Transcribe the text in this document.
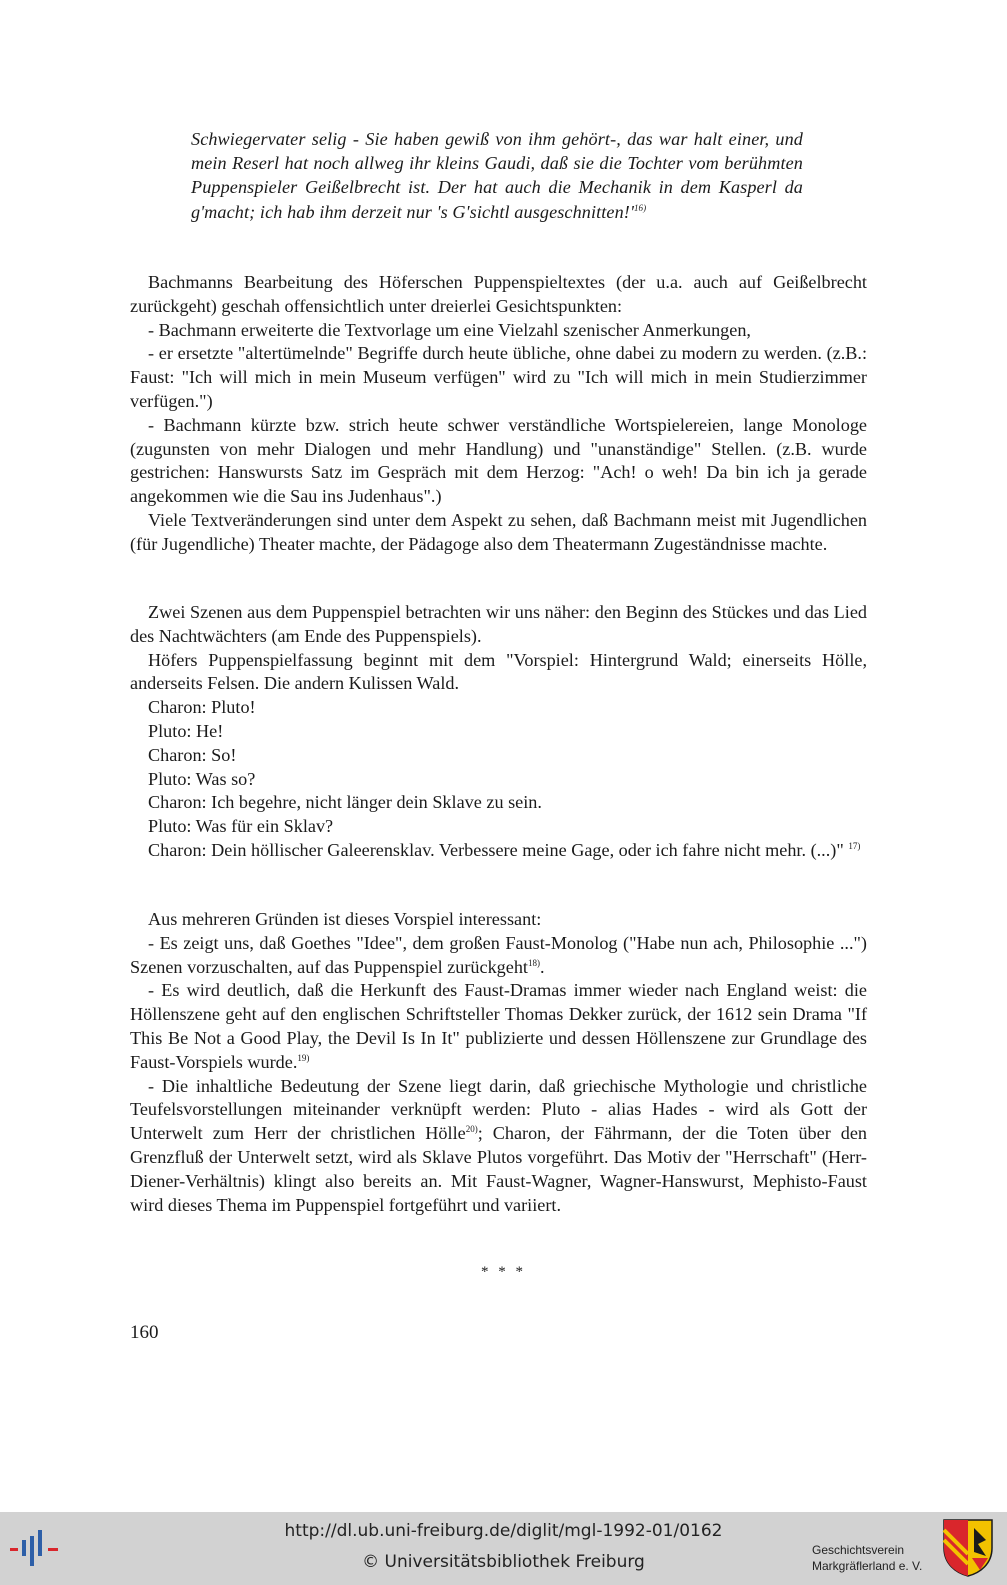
Schwiegervater selig - Sie haben gewiß von ihm gehört-, das war halt einer, und mein Reserl hat noch allweg ihr kleins Gaudi, daß sie die Tochter vom berühmten Puppenspieler Geißelbrecht ist. Der hat auch die Mechanik in dem Kasperl da g'macht; ich hab ihm derzeit nur 's G'sichtl $ausgeschnitten!'^{16)}$

Bachmanns Bearbeitung des Höferschen Puppenspieltextes (der u.a. auch auf Geißelbrecht zurückgeht) geschah offensichtlich unter dreierlei Gesichtspunkten:

- Bachmann erweiterte die Textvorlage um eine Vielzahl szenischer Anmerkungen,

- er ersetzte "altertümelnde" Begriffe durch heute übliche, ohne dabei zu modern zu werden. (z.B.: Faust: "Ich will mich in mein Museum verfügen" wird zu "Ich will mich in mein Studierzimmer verfügen.")

- Bachmann kürzte bzw. strich heute schwer verständliche Wortspielereien, lange Monologe (zugunsten von mehr Dialogen und mehr Handlung) und "unanständige" Stellen. (z.B. wurde gestrichen: Hanswursts Satz im Gespräch mit dem Herzog: "Ach! o weh! Da bin ich ja gerade angekommen wie die Sau ins Judenhaus".)

Viele Textveränderungen sind unter dem Aspekt zu sehen, daß Bachmann meist mit Jugendlichen (für Jugendliche) Theater machte, der Pädagoge also dem Theatermann Zugeständnisse machte.

Zwei Szenen aus dem Puppenspiel betrachten wir uns näher: den Beginn des Stückes und das Lied des Nachtwächters (am Ende des Puppenspiels).

Höfers Puppenspielfassung beginnt mit dem "Vorspiel: Hintergrund Wald; einerseits Hölle, anderseits Felsen. Die andern Kulissen Wald.

Charon: Pluto!

Pluto: He!

Charon: So!

Pluto: Was so?

Charon: Ich begehre, nicht länger dein Sklave zu sein.

Pluto: Was für ein Sklav?

Charon: Dein höllischer Galeerensklav. Verbessere meine Gage, oder ich fahre nicht mehr. (...)" $^{17)}$

Aus mehreren Gründen ist dieses Vorspiel interessant:

- Es zeigt uns, daß Goethes "Idee", dem großen Faust-Monolog ("Habe nun ach, Philosophie ...") Szenen vorzuschalten, auf das Puppenspiel zurückgeht$^{18)}$.

- Es wird deutlich, daß die Herkunft des Faust-Dramas immer wieder nach England weist: die Höllenszene geht auf den englischen Schriftsteller Thomas Dekker zurück, der 1612 sein Drama "If This Be Not a Good Play, the Devil Is In It" publizierte und dessen Höllenszene zur Grundlage des Faust-Vorspiels wurde.$^{19)}$

- Die inhaltliche Bedeutung der Szene liegt darin, daß griechische Mythologie und christliche Teufelsvorstellungen miteinander verknüpft werden: Pluto - alias Hades - wird als Gott der Unterwelt zum Herr der christlichen Hölle$^{20)}$; Charon, der Fährmann, der die Toten über den Grenzfluß der Unterwelt setzt, wird als Sklave Plutos vorgeführt. Das Motiv der "Herrschaft" (Herr-Diener-Verhältnis) klingt also bereits an. Mit Faust-Wagner, Wagner-Hanswurst, Mephisto-Faust wird dieses Thema im Puppenspiel fortgeführt und variiert.

* * *
160
http://dl.ub.uni-freiburg.de/diglit/mgl-1992-01/0162
© Universitätsbibliothek Freiburg
Geschichtsverein
Markgräflerland e. V.
